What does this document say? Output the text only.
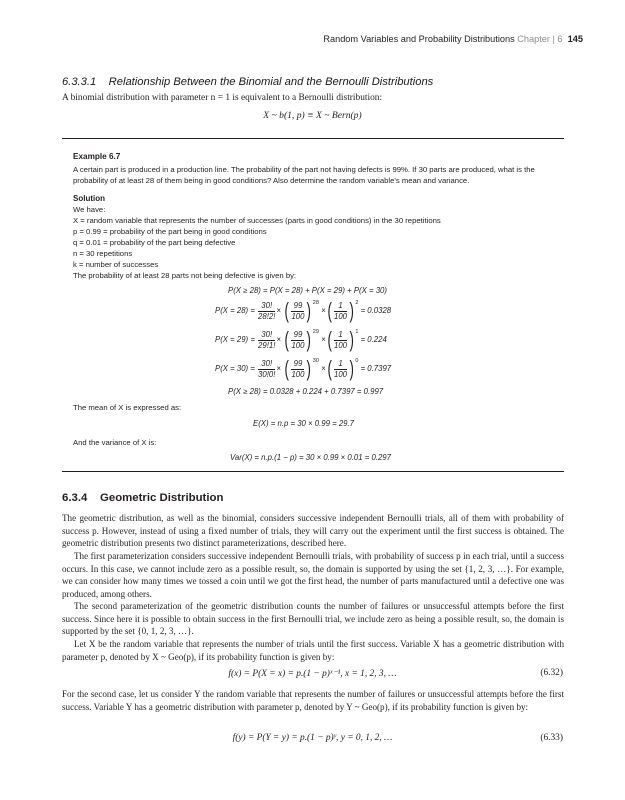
Random Variables and Probability Distributions Chapter | 6 145
6.3.3.1 Relationship Between the Binomial and the Bernoulli Distributions
A binomial distribution with parameter n = 1 is equivalent to a Bernoulli distribution:
X ~ b(1, p) ≡ X ~ Bern(p)
Example 6.7
A certain part is produced in a production line. The probability of the part not having defects is 99%. If 30 parts are produced, what is the probability of at least 28 of them being in good conditions? Also determine the random variable's mean and variance.
Solution
We have:
X = random variable that represents the number of successes (parts in good conditions) in the 30 repetitions
p = 0.99 = probability of the part being in good conditions
q = 0.01 = probability of the part being defective
n = 30 repetitions
k = number of successes
The probability of at least 28 parts not being defective is given by:
P(X ≥ 28) = P(X = 28) + P(X = 29) + P(X = 30)
$P(X = 28) = \frac{30!}{28!2!}$ × ( $\frac{99}{100} )^{28}$ ×( $\frac{1}{100} )^2 = 0.0328$
$P(X = 29) = \frac{30!}{29!1!}$ × ( $\frac{99}{100} )^{29}$ ×( $\frac{1}{100} )^1 = 0.224$
$P(X = 30) = \frac{30!}{30!0!}$ × ( $\frac{99}{100} )^{30}$ ×( $\frac{1}{100} )^0 = 0.7397$
P(X ≥ 28) = 0.0328 + 0.224 + 0.7397 = 0.997
The mean of X is expressed as:
E(X) = n.p = 30 × 0.99 = 29.7
And the variance of X is:
Var(X) = n.p.(1 − p) = 30 × 0.99 × 0.01 = 0.297
6.3.4    Geometric Distribution
The geometric distribution, as well as the binomial, considers successive independent Bernoulli trials, all of them with probability of success p. However, instead of using a fixed number of trials, they will carry out the experiment until the first success is obtained. The geometric distribution presents two distinct parameterizations, described here.
The first parameterization considers successive independent Bernoulli trials, with probability of success p in each trial, until a success occurs. In this case, we cannot include zero as a possible result, so, the domain is supported by using the set {1, 2, 3, …}. For example, we can consider how many times we tossed a coin until we got the first head, the number of parts manufactured until a defective one was produced, among others.
The second parameterization of the geometric distribution counts the number of failures or unsuccessful attempts before the first success. Since here it is possible to obtain success in the first Bernoulli trial, we include zero as being a possible result, so, the domain is supported by the set {0, 1, 2, 3, …}.
Let X be the random variable that represents the number of trials until the first success. Variable X has a geometric distribution with parameter p, denoted by X ~ Geo(p), if its probability function is given by:
f(x) = P(X = x) = p.(1 − p)ˣ⁻¹, x = 1, 2, 3, …	(6.32)
For the second case, let us consider Y the random variable that represents the number of failures or unsuccessful attempts before the first success. Variable Y has a geometric distribution with parameter p, denoted by Y ~ Geo(p), if its probability function is given by:
f(y) = P(Y = y) = p.(1 − p)ʸ, y = 0, 1, 2, …	(6.33)
